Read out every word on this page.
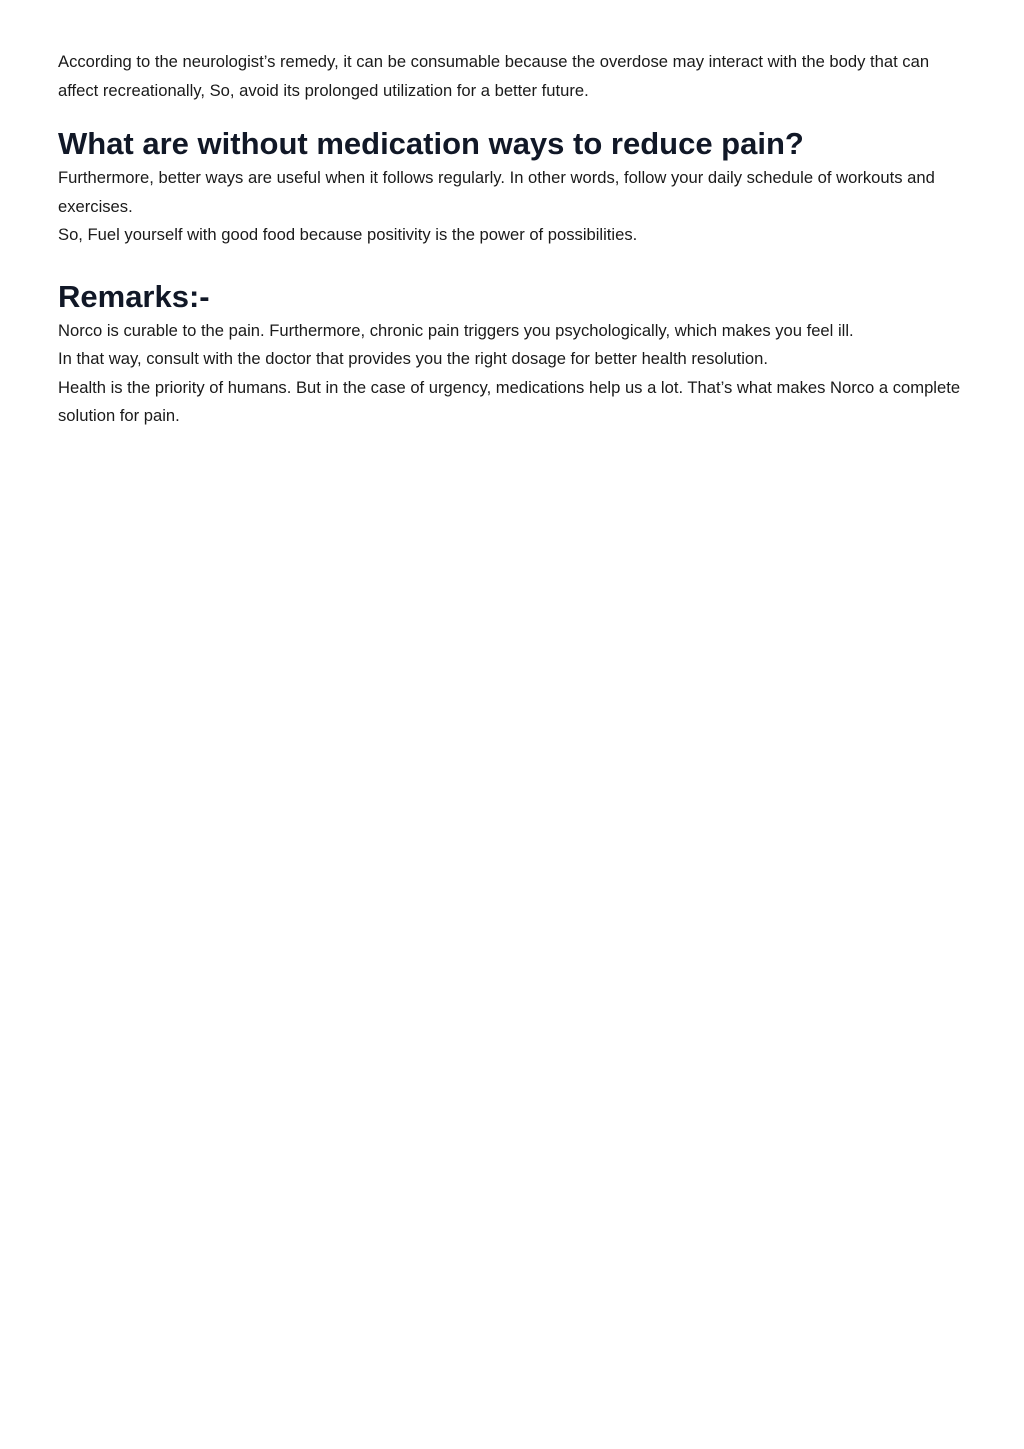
According to the neurologist’s remedy, it can be consumable because the overdose may interact with the body that can affect recreationally, So, avoid its prolonged utilization for a better future.

What are without medication ways to reduce pain?

Furthermore, better ways are useful when it follows regularly. In other words, follow your daily schedule of workouts and exercises.

So, Fuel yourself with good food because positivity is the power of possibilities.

Remarks:-

Norco is curable to the pain. Furthermore, chronic pain triggers you psychologically, which makes you feel ill.

In that way, consult with the doctor that provides you the right dosage for better health resolution.

Health is the priority of humans. But in the case of urgency, medications help us a lot. That’s what makes Norco a complete solution for pain.
